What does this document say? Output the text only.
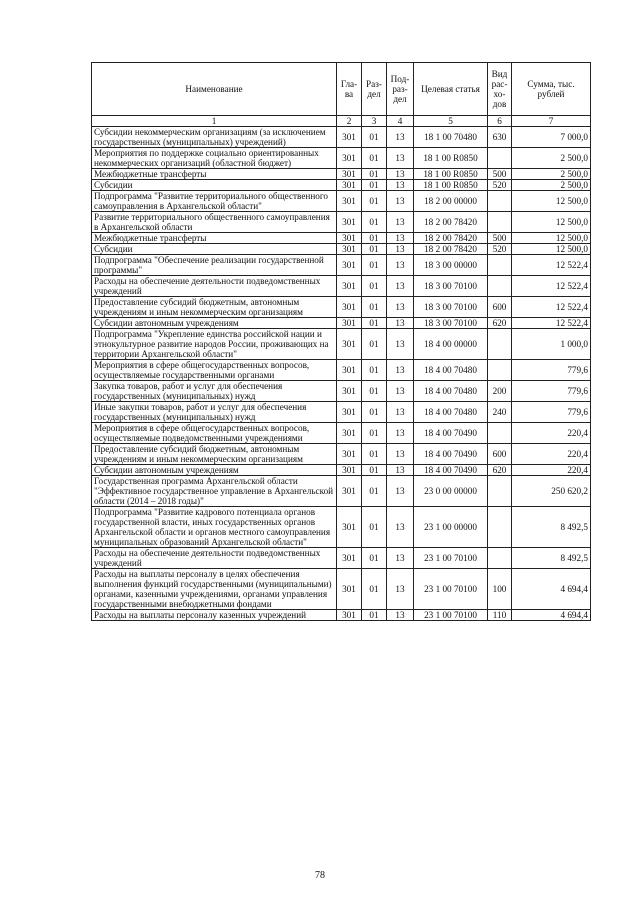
Наименование	Гла-ва	Раз-дел	Под-раз-дел	Целевая статья	Вид рас-хо-дов	Сумма, тыс. рублей
1	2	3	4	5	6	7
Субсидии некоммерческим организациям (за исключением государственных (муниципальных) учреждений)	301	01	13	18 1 00 70480	630	7 000,0
Мероприятия по поддержке социально ориентированных некоммерческих организаций (областной бюджет)	301	01	13	18 1 00 R0850		2 500,0
Межбюджетные трансферты	301	01	13	18 1 00 R0850	500	2 500,0
Субсидии	301	01	13	18 1 00 R0850	520	2 500,0
Подпрограмма "Развитие территориального общественного самоуправления в Архангельской области"	301	01	13	18 2 00 00000		12 500,0
Развитие территориального общественного самоуправления в Архангельской области	301	01	13	18 2 00 78420		12 500,0
Межбюджетные трансферты	301	01	13	18 2 00 78420	500	12 500,0
Субсидии	301	01	13	18 2 00 78420	520	12 500,0
Подпрограмма "Обеспечение реализации государственной программы"	301	01	13	18 3 00 00000		12 522,4
Расходы на обеспечение деятельности подведомственных учреждений	301	01	13	18 3 00 70100		12 522,4
Предоставление субсидий бюджетным, автономным учреждениям и иным некоммерческим организациям	301	01	13	18 3 00 70100	600	12 522,4
Субсидии автономным учреждениям	301	01	13	18 3 00 70100	620	12 522,4
Подпрограмма "Укрепление единства российской нации и этнокультурное развитие народов России, проживающих на территории Архангельской области"	301	01	13	18 4 00 00000		1 000,0
Мероприятия в сфере общегосударственных вопросов, осуществляемые государственными органами	301	01	13	18 4 00 70480		779,6
Закупка товаров, работ и услуг для обеспечения государственных (муниципальных) нужд	301	01	13	18 4 00 70480	200	779,6
Иные закупки товаров, работ и услуг для обеспечения государственных (муниципальных) нужд	301	01	13	18 4 00 70480	240	779,6
Мероприятия в сфере общегосударственных вопросов, осуществляемые подведомственными учреждениями	301	01	13	18 4 00 70490		220,4
Предоставление субсидий бюджетным, автономным учреждениям и иным некоммерческим организациям	301	01	13	18 4 00 70490	600	220,4
Субсидии автономным учреждениям	301	01	13	18 4 00 70490	620	220,4
Государственная программа Архангельской области "Эффективное государственное управление в Архангельской области (2014 – 2018 годы)"	301	01	13	23 0 00 00000		250 620,2
Подпрограмма "Развитие кадрового потенциала органов государственной власти, иных государственных органов Архангельской области и органов местного самоуправления муниципальных образований Архангельской области"	301	01	13	23 1 00 00000		8 492,5
Расходы на обеспечение деятельности подведомственных учреждений	301	01	13	23 1 00 70100		8 492,5
Расходы на выплаты персоналу в целях обеспечения выполнения функций государственными (муниципальными) органами, казенными учреждениями, органами управления государственными внебюджетными фондами	301	01	13	23 1 00 70100	100	4 694,4
Расходы на выплаты персоналу казенных учреждений	301	01	13	23 1 00 70100	110	4 694,4
78
